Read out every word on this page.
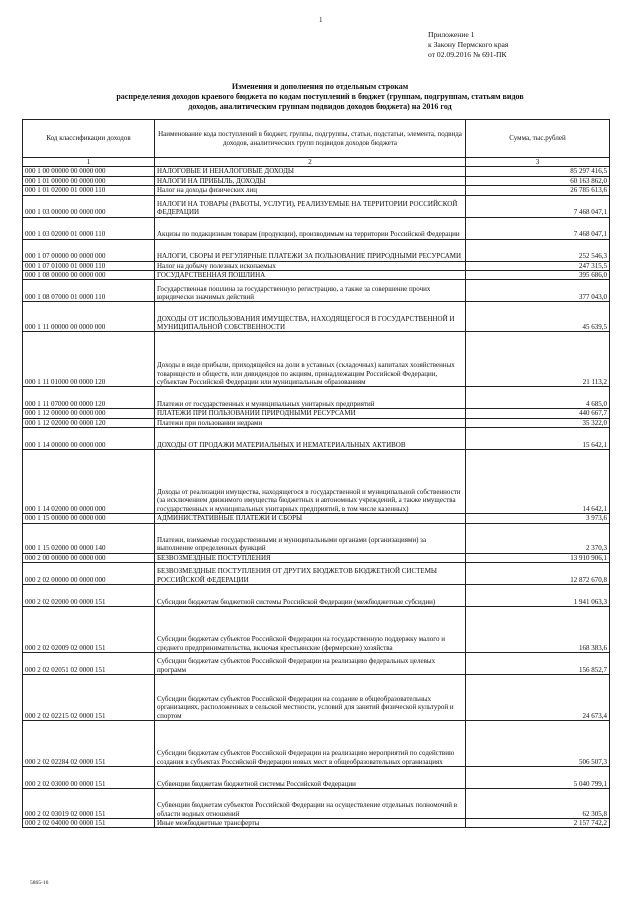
1
Приложение 1
к Закону Пермского края
от 02.09.2016 № 691-ПК
Изменения и дополнения по отдельным строкам
распределения доходов краевого бюджета по кодам поступлений в бюджет (группам, подгруппам, статьям видов
доходов, аналитическим группам подвидов доходов бюджета) на 2016 год
Код классификации доходов	Наименование кода поступлений в бюджет, группы, подгруппы, статьи, подстатьи, элемента, подвида доходов, аналитических групп подвидов доходов бюджета	Сумма, тыс.рублей
1	2	3
000 1 00 00000 00 0000 000	НАЛОГОВЫЕ И НЕНАЛОГОВЫЕ ДОХОДЫ	85 297 416,5
000 1 01 00000 00 0000 000	НАЛОГИ НА ПРИБЫЛЬ, ДОХОДЫ	60 163 862,0
000 1 01 02000 01 0000 110	Налог на доходы физических лиц	26 785 613,6
000 1 03 00000 00 0000 000	НАЛОГИ НА ТОВАРЫ (РАБОТЫ, УСЛУГИ), РЕАЛИЗУЕМЫЕ НА ТЕРРИТОРИИ РОССИЙСКОЙ ФЕДЕРАЦИИ	7 468 047,1
000 1 03 02000 01 0000 110	Акцизы по подакцизным товарам (продукции), производимым на территории Российской Федерации	7 468 047,1
000 1 07 00000 00 0000 000	НАЛОГИ, СБОРЫ И РЕГУЛЯРНЫЕ ПЛАТЕЖИ ЗА ПОЛЬЗОВАНИЕ ПРИРОДНЫМИ РЕСУРСАМИ	252 546,3
000 1 07 01000 01 0000 110	Налог на добычу полезных ископаемых	247 315,5
000 1 08 00000 00 0000 000	ГОСУДАРСТВЕННАЯ ПОШЛИНА	395 686,0
000 1 08 07000 01 0000 110	Государственная пошлина за государственную регистрацию, а также за совершение прочих юридически значимых действий	377 043,0
000 1 11 00000 00 0000 000	ДОХОДЫ ОТ ИСПОЛЬЗОВАНИЯ ИМУЩЕСТВА, НАХОДЯЩЕГОСЯ В ГОСУДАРСТВЕННОЙ И МУНИЦИПАЛЬНОЙ СОБСТВЕННОСТИ	45 639,5
000 1 11 01000 00 0000 120	Доходы в виде прибыли, приходящейся на доли в уставных (складочных) капиталах хозяйственных товариществ и обществ, или дивидендов по акциям, принадлежащим Российской Федерации, субъектам Российской Федерации или муниципальным образованиям	21 113,2
000 1 11 07000 00 0000 120	Платежи от государственных и муниципальных унитарных предприятий	4 685,0
000 1 12 00000 00 0000 000	ПЛАТЕЖИ ПРИ ПОЛЬЗОВАНИИ ПРИРОДНЫМИ РЕСУРСАМИ	440 667,7
000 1 12 02000 00 0000 120	Платежи при пользовании недрами	35 322,0
000 1 14 00000 00 0000 000	ДОХОДЫ ОТ ПРОДАЖИ МАТЕРИАЛЬНЫХ И НЕМАТЕРИАЛЬНЫХ АКТИВОВ	15 642,1
000 1 14 02000 00 0000 000	Доходы от реализации имущества, находящегося в государственной и муниципальной собственности (за исключением движимого имущества бюджетных и автономных учреждений, а также имущества государственных и муниципальных унитарных предприятий, в том числе казенных)	14 642,1
000 1 15 00000 00 0000 000	АДМИНИСТРАТИВНЫЕ ПЛАТЕЖИ И СБОРЫ	3 973,6
000 1 15 02000 00 0000 140	Платежи, взимаемые государственными и муниципальными органами (организациями) за выполнение определенных функций	2 370,3
000 2 00 00000 00 0000 000	БЕЗВОЗМЕЗДНЫЕ ПОСТУПЛЕНИЯ	13 910 906,1
000 2 02 00000 00 0000 000	БЕЗВОЗМЕЗДНЫЕ ПОСТУПЛЕНИЯ ОТ ДРУГИХ БЮДЖЕТОВ БЮДЖЕТНОЙ СИСТЕМЫ РОССИЙСКОЙ ФЕДЕРАЦИИ	12 872 670,8
000 2 02 02000 00 0000 151	Субсидии бюджетам бюджетной системы Российской Федерации (межбюджетные субсидии)	1 941 063,3
000 2 02 02009 02 0000 151	Субсидии бюджетам субъектов Российской Федерации на государственную поддержку малого и среднего предпринимательства, включая крестьянские (фермерские) хозяйства	168 383,6
000 2 02 02051 02 0000 151	Субсидии бюджетам субъектов Российской Федерации на реализацию федеральных целевых программ	156 852,7
000 2 02 02215 02 0000 151	Субсидии бюджетам субъектов Российской Федерации на создание в общеобразовательных организациях, расположенных в сельской местности, условий для занятий физической культурой и спортом	24 673,4
000 2 02 02284 02 0000 151	Субсидии бюджетам субъектов Российской Федерации на реализацию мероприятий по содействию создания в субъектах Российской Федерации новых мест в общеобразовательных организациях	506 507,3
000 2 02 03000 00 0000 151	Субвенции бюджетам бюджетной системы Российской Федерации	5 040 799,1
000 2 02 03019 02 0000 151	Субвенции бюджетам субъектов Российской Федерации на осуществление отдельных полномочий в области водных отношений	62 305,8
000 2 02 04000 00 0000 151	Иные межбюджетные трансферты	2 157 742,2
5865-16
